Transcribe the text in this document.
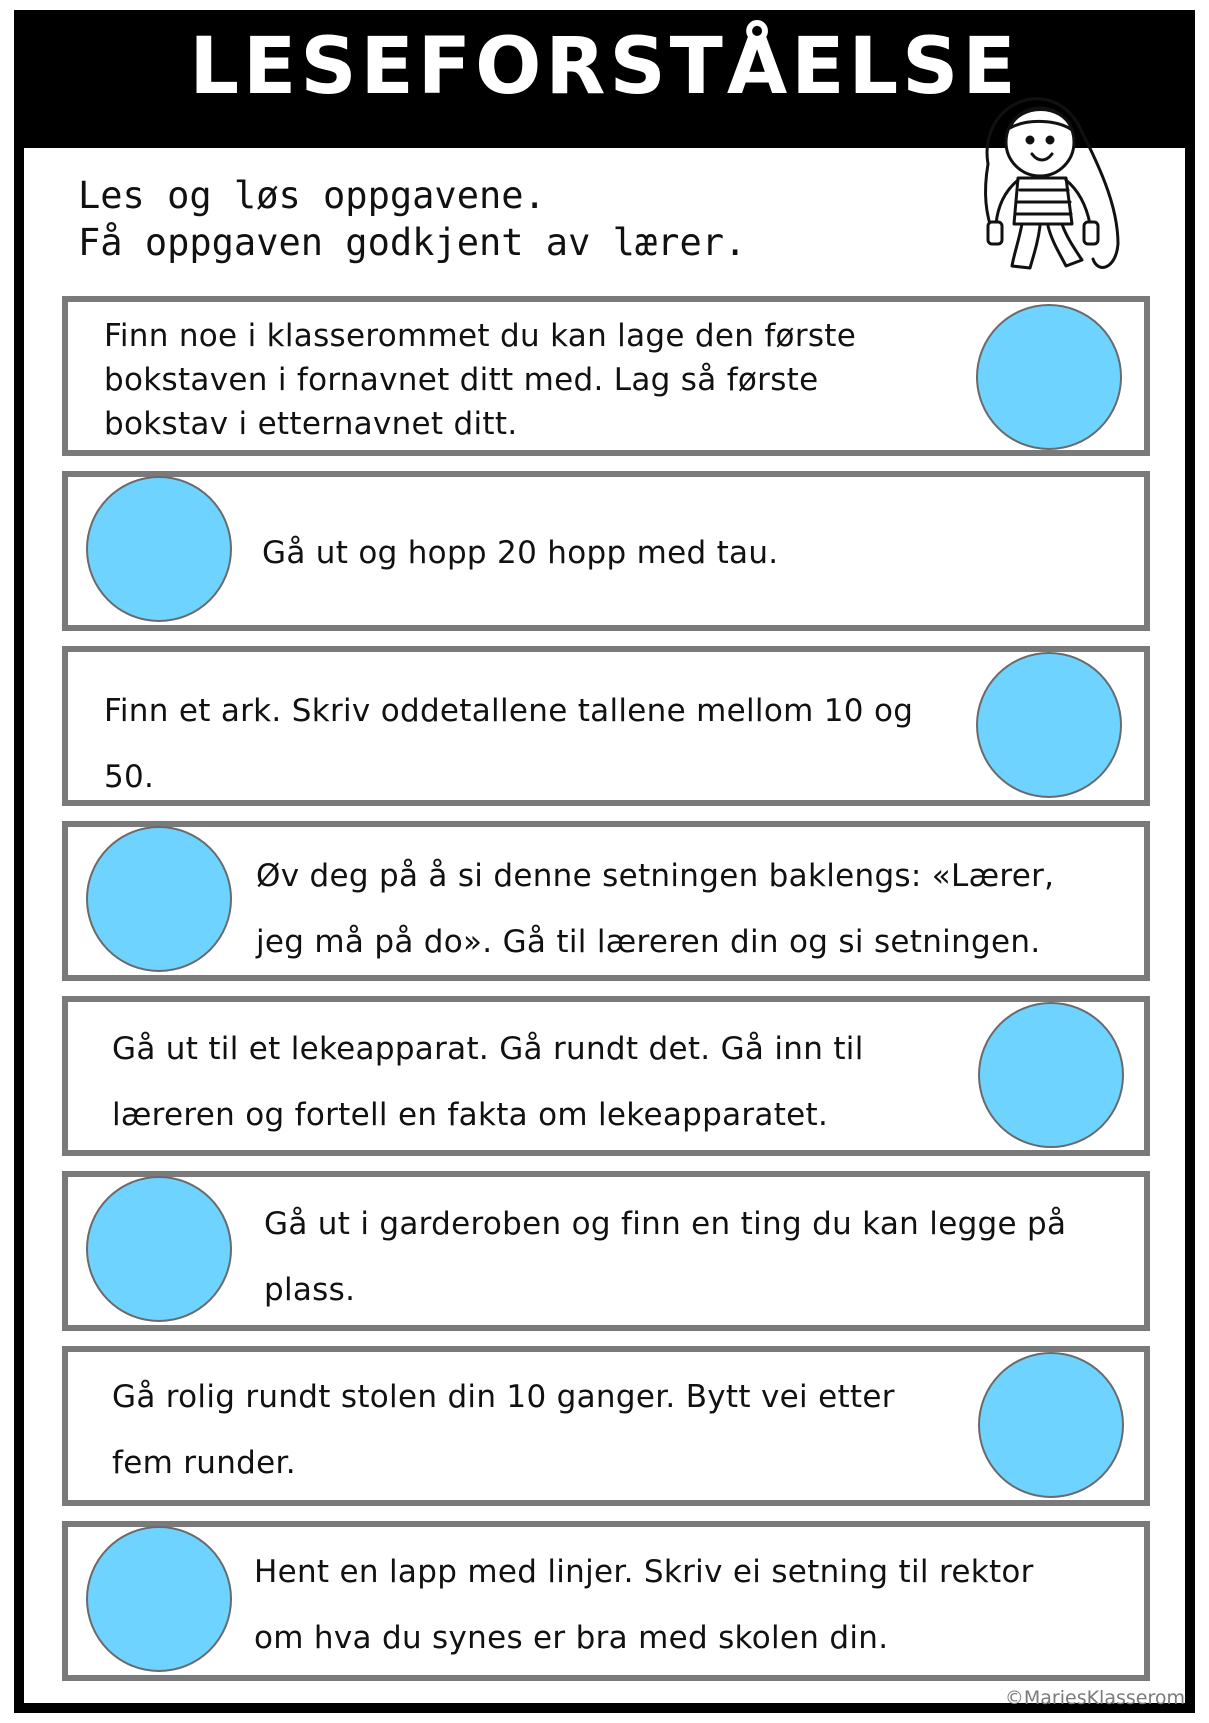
LESEFORSTÅELSE
Les og løs oppgavene.
Få oppgaven godkjent av lærer.
Finn noe i klasserommet du kan lage den første
bokstaven i fornavnet ditt med. Lag så første
bokstav i etternavnet ditt.
Gå ut og hopp 20 hopp med tau.
Finn et ark. Skriv oddetallene tallene mellom 10 og
50.
Øv deg på å si denne setningen baklengs: «Lærer,
jeg må på do». Gå til læreren din og si setningen.
Gå ut til et lekeapparat. Gå rundt det. Gå inn til
læreren og fortell en fakta om lekeapparatet.
Gå ut i garderoben og finn en ting du kan legge på
plass.
Gå rolig rundt stolen din 10 ganger. Bytt vei etter
fem runder.
Hent en lapp med linjer. Skriv ei setning til rektor
om hva du synes er bra med skolen din.
©MariesKlasserom
